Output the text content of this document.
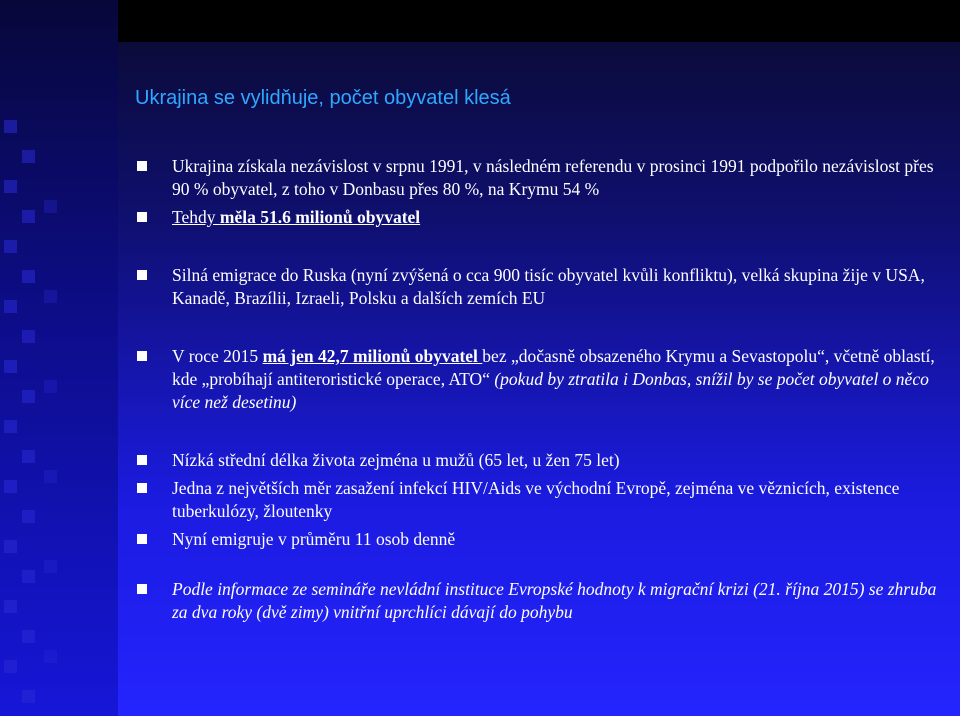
Ukrajina se vylidňuje, počet obyvatel klesá
Ukrajina získala nezávislost v srpnu 1991, v následném referendu v prosinci 1991 podpořilo nezávislost přes 90 % obyvatel, z toho v Donbasu přes 80 %, na Krymu 54 %
Tehdy měla 51.6 milionů obyvatel
Silná emigrace do Ruska (nyní zvýšená o cca 900 tisíc obyvatel kvůli konfliktu), velká skupina žije v USA, Kanadě, Brazílii, Izraeli, Polsku a dalších zemích EU
V roce 2015 má jen 42,7 milionů obyvatel bez „dočasně obsazeného Krymu a Sevastopolu“, včetně oblastí, kde „probíhají antiteroristické operace, ATO“ (pokud by ztratila i Donbas, snížil by se počet obyvatel o něco více než desetinu)
Nízká střední délka života zejména u mužů (65 let, u žen 75 let)
Jedna z největších měr zasažení infekcí HIV/Aids ve východní Evropě, zejména ve věznicích, existence tuberkulózy, žloutenky
Nyní emigruje v průměru 11 osob denně
Podle informace ze semináře nevládní instituce Evropské hodnoty k migrační krizi (21. října 2015) se zhruba za dva roky (dvě zimy) vnitřní uprchlíci dávají do pohybu
